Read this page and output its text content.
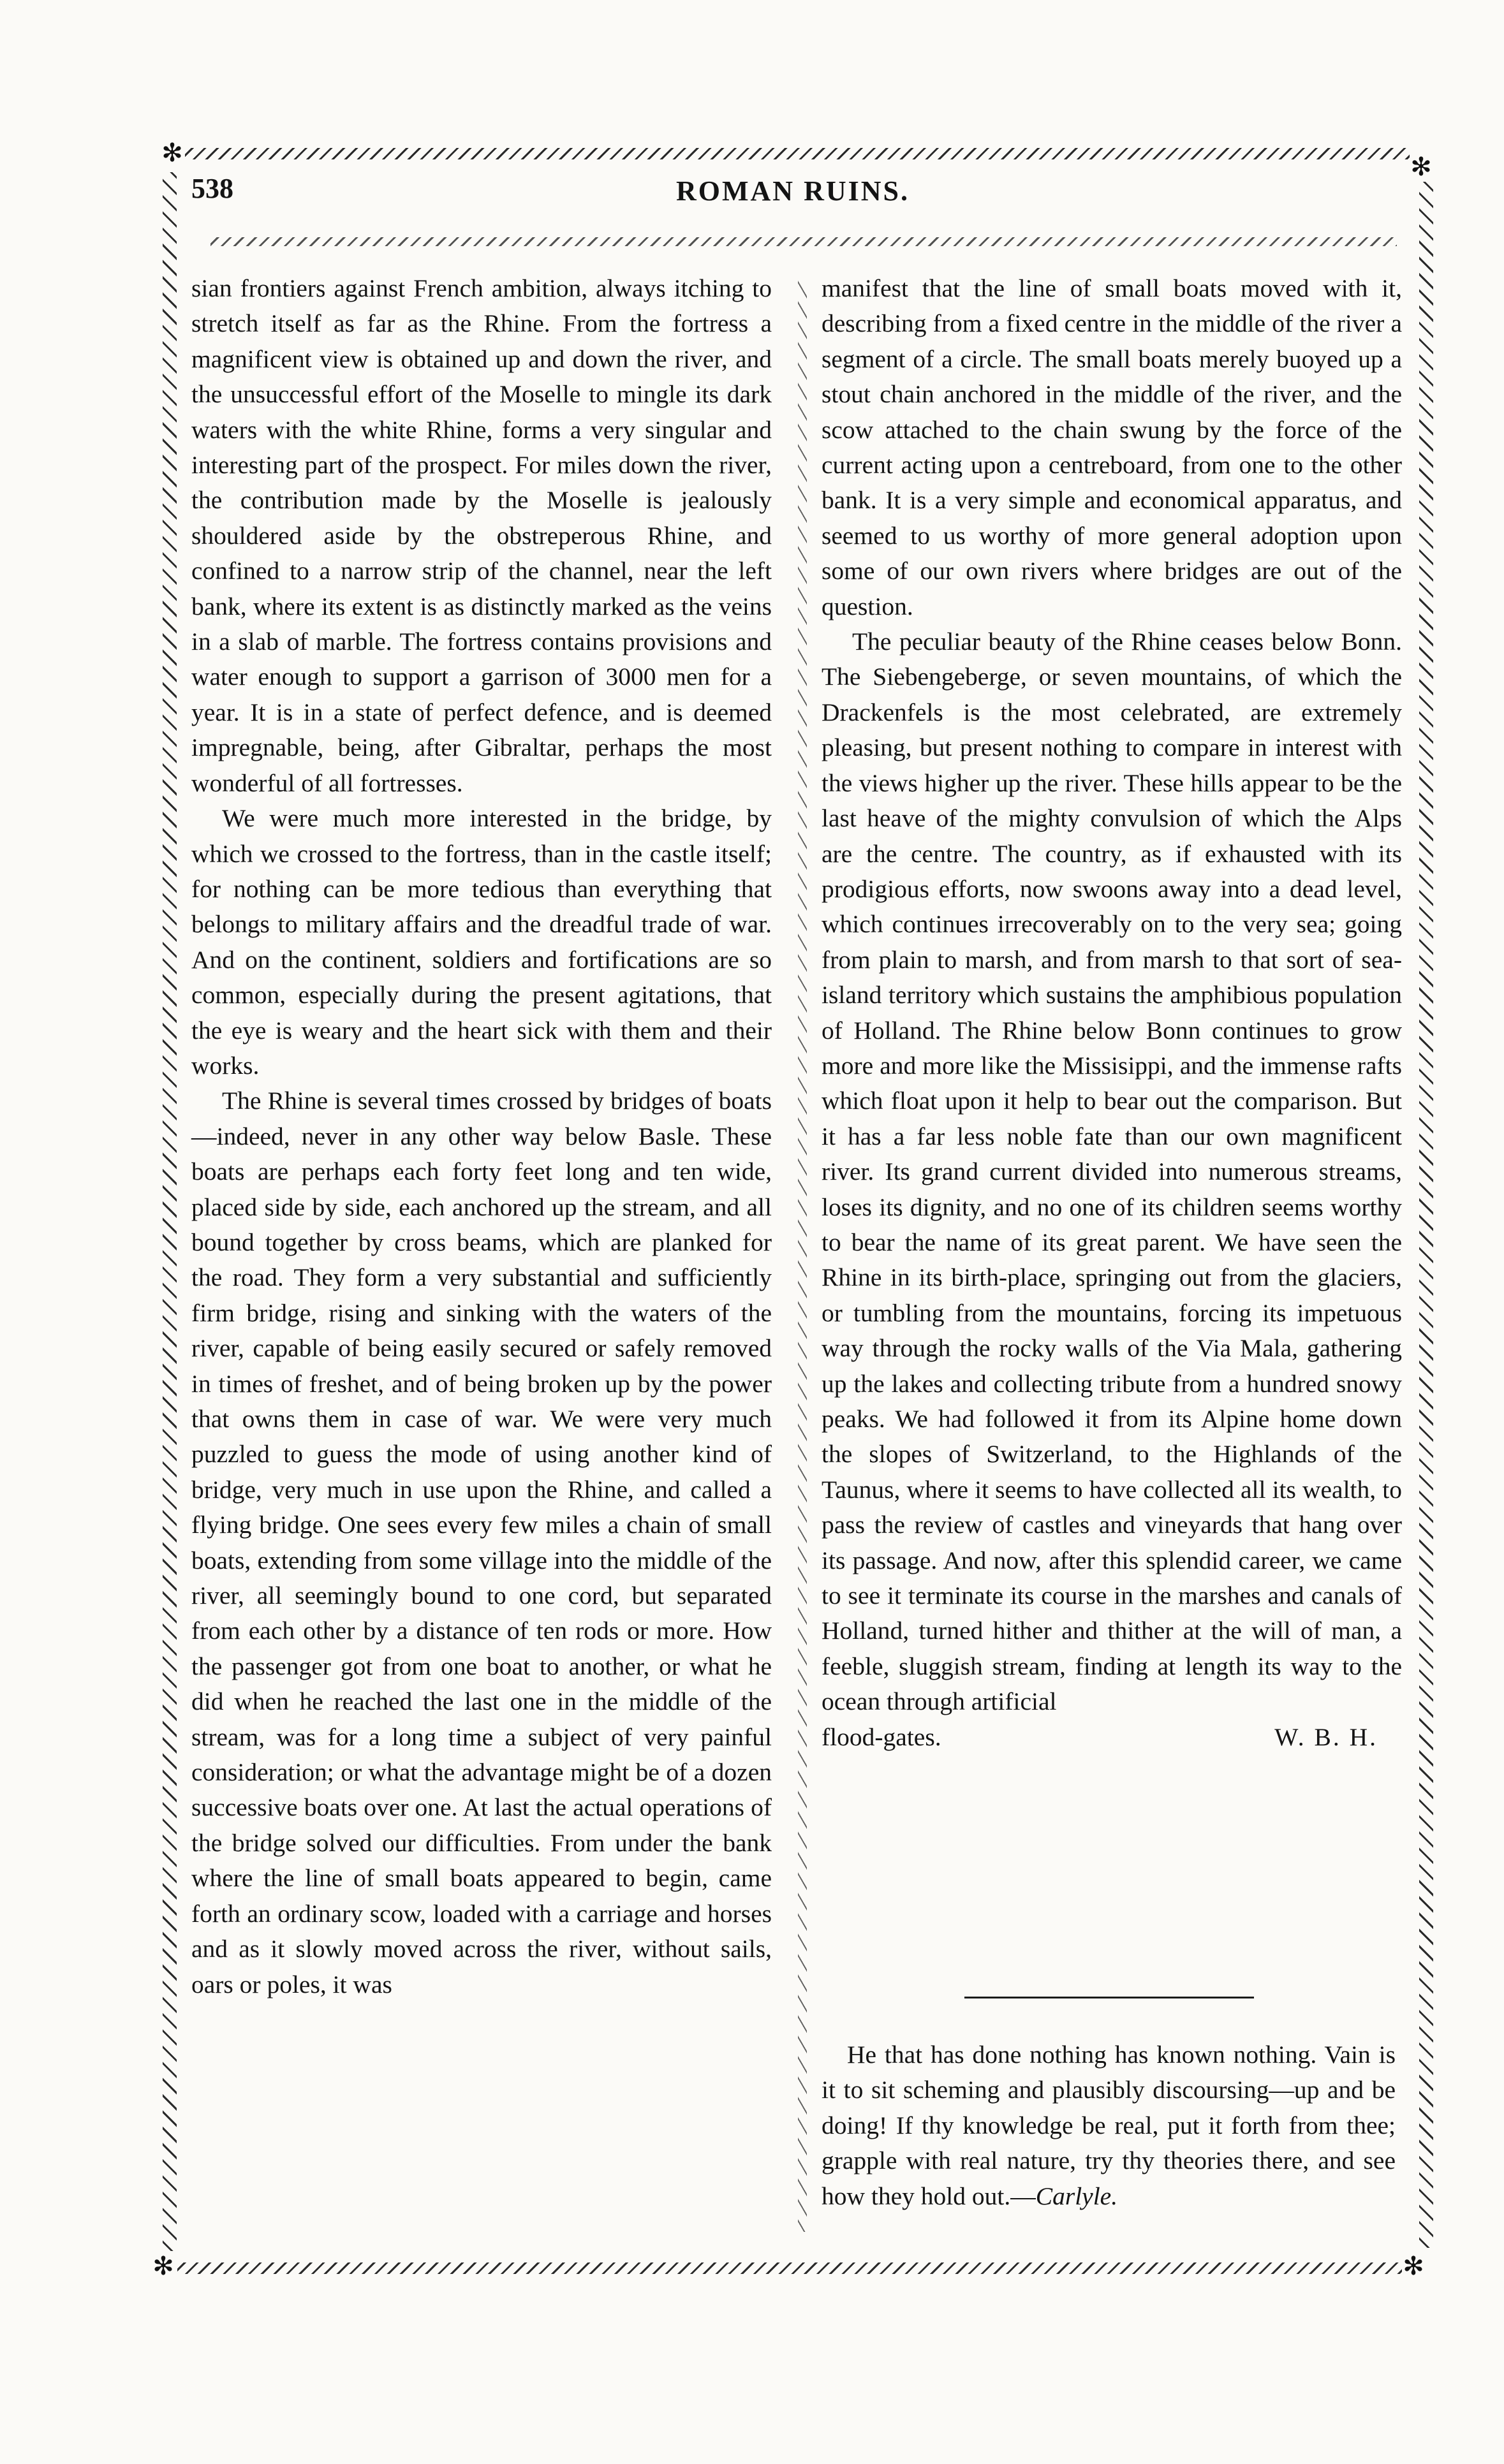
✻	✻
✻	✻
538	ROMAN RUINS.

sian frontiers against French ambition, always itching to stretch itself as far as the Rhine. From the fortress a magnificent view is obtained up and down the river, and the unsuccessful effort of the Moselle to mingle its dark waters with the white Rhine, forms a very singular and interesting part of the prospect. For miles down the river, the contribution made by the Moselle is jealously shouldered aside by the obstreperous Rhine, and confined to a narrow strip of the channel, near the left bank, where its extent is as distinctly marked as the veins in a slab of marble. The fortress contains provisions and water enough to support a garrison of 3000 men for a year. It is in a state of perfect defence, and is deemed impregnable, being, after Gibraltar, perhaps the most wonderful of all fortresses.

We were much more interested in the bridge, by which we crossed to the fortress, than in the castle itself; for nothing can be more tedious than everything that belongs to military affairs and the dreadful trade of war. And on the continent, soldiers and fortifications are so common, especially during the present agitations, that the eye is weary and the heart sick with them and their works.

The Rhine is several times crossed by bridges of boats—indeed, never in any other way below Basle. These boats are perhaps each forty feet long and ten wide, placed side by side, each anchored up the stream, and all bound together by cross beams, which are planked for the road. They form a very substantial and sufficiently firm bridge, rising and sinking with the waters of the river, capable of being easily secured or safely removed in times of freshet, and of being broken up by the power that owns them in case of war. We were very much puzzled to guess the mode of using another kind of bridge, very much in use upon the Rhine, and called a flying bridge. One sees every few miles a chain of small boats, extending from some village into the middle of the river, all seemingly bound to one cord, but separated from each other by a distance of ten rods or more. How the passenger got from one boat to another, or what he did when he reached the last one in the middle of the stream, was for a long time a subject of very painful consideration; or what the advantage might be of a dozen successive boats over one. At last the actual operations of the bridge solved our difficulties. From under the bank where the line of small boats appeared to begin, came forth an ordinary scow, loaded with a carriage and horses and as it slowly moved across the river, without sails, oars or poles, it was

manifest that the line of small boats moved with it, describing from a fixed centre in the middle of the river a segment of a circle. The small boats merely buoyed up a stout chain anchored in the middle of the river, and the scow attached to the chain swung by the force of the current acting upon a centreboard, from one to the other bank. It is a very simple and economical apparatus, and seemed to us worthy of more general adoption upon some of our own rivers where bridges are out of the question.

The peculiar beauty of the Rhine ceases below Bonn. The Siebengeberge, or seven mountains, of which the Drackenfels is the most celebrated, are extremely pleasing, but present nothing to compare in interest with the views higher up the river. These hills appear to be the last heave of the mighty convulsion of which the Alps are the centre. The country, as if exhausted with its prodigious efforts, now swoons away into a dead level, which continues irrecoverably on to the very sea; going from plain to marsh, and from marsh to that sort of sea-island territory which sustains the amphibious population of Holland. The Rhine below Bonn continues to grow more and more like the Missisippi, and the immense rafts which float upon it help to bear out the comparison. But it has a far less noble fate than our own magnificent river. Its grand current divided into numerous streams, loses its dignity, and no one of its children seems worthy to bear the name of its great parent. We have seen the Rhine in its birth-place, springing out from the glaciers, or tumbling from the mountains, forcing its impetuous way through the rocky walls of the Via Mala, gathering up the lakes and collecting tribute from a hundred snowy peaks. We had followed it from its Alpine home down the slopes of Switzerland, to the Highlands of the Taunus, where it seems to have collected all its wealth, to pass the review of castles and vineyards that hang over its passage. And now, after this splendid career, we came to see it terminate its course in the marshes and canals of Holland, turned hither and thither at the will of man, a feeble, sluggish stream, finding at length its way to the ocean through artificial

flood-gates.	W. B. H.

He that has done nothing has known nothing. Vain is it to sit scheming and plausibly discoursing—up and be doing! If thy knowledge be real, put it forth from thee; grapple with real nature, try thy theories there, and see how they hold out.—Carlyle.
